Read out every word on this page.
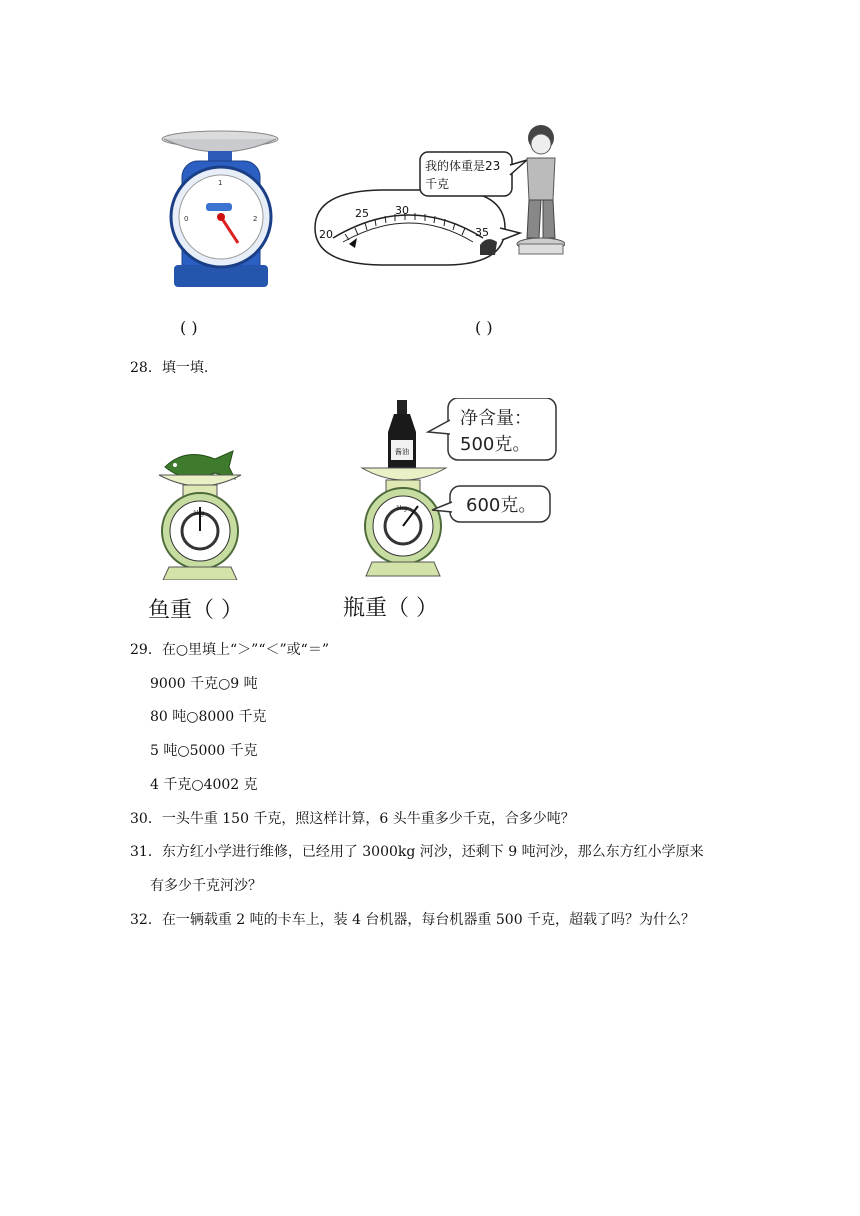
0	2
1
( )
20
25 30
35
我的体重是23
千克
( )
28．填一填.
1kg
酱油
1kg
净含量：
500克。
600克。
鱼重（ ）	瓶重（ ）
29．在○里填上“＞”“＜”或“＝”
9000 千克○9 吨
80 吨○8000 千克
5 吨○5000 千克
4 千克○4002 克
30．一头牛重 150 千克，照这样计算，6 头牛重多少千克，合多少吨？
31．东方红小学进行维修，已经用了 3000kg 河沙，还剩下 9 吨河沙，那么东方红小学原来
有多少千克河沙？
32．在一辆载重 2 吨的卡车上，装 4 台机器，每台机器重 500 千克，超载了吗？为什么？
